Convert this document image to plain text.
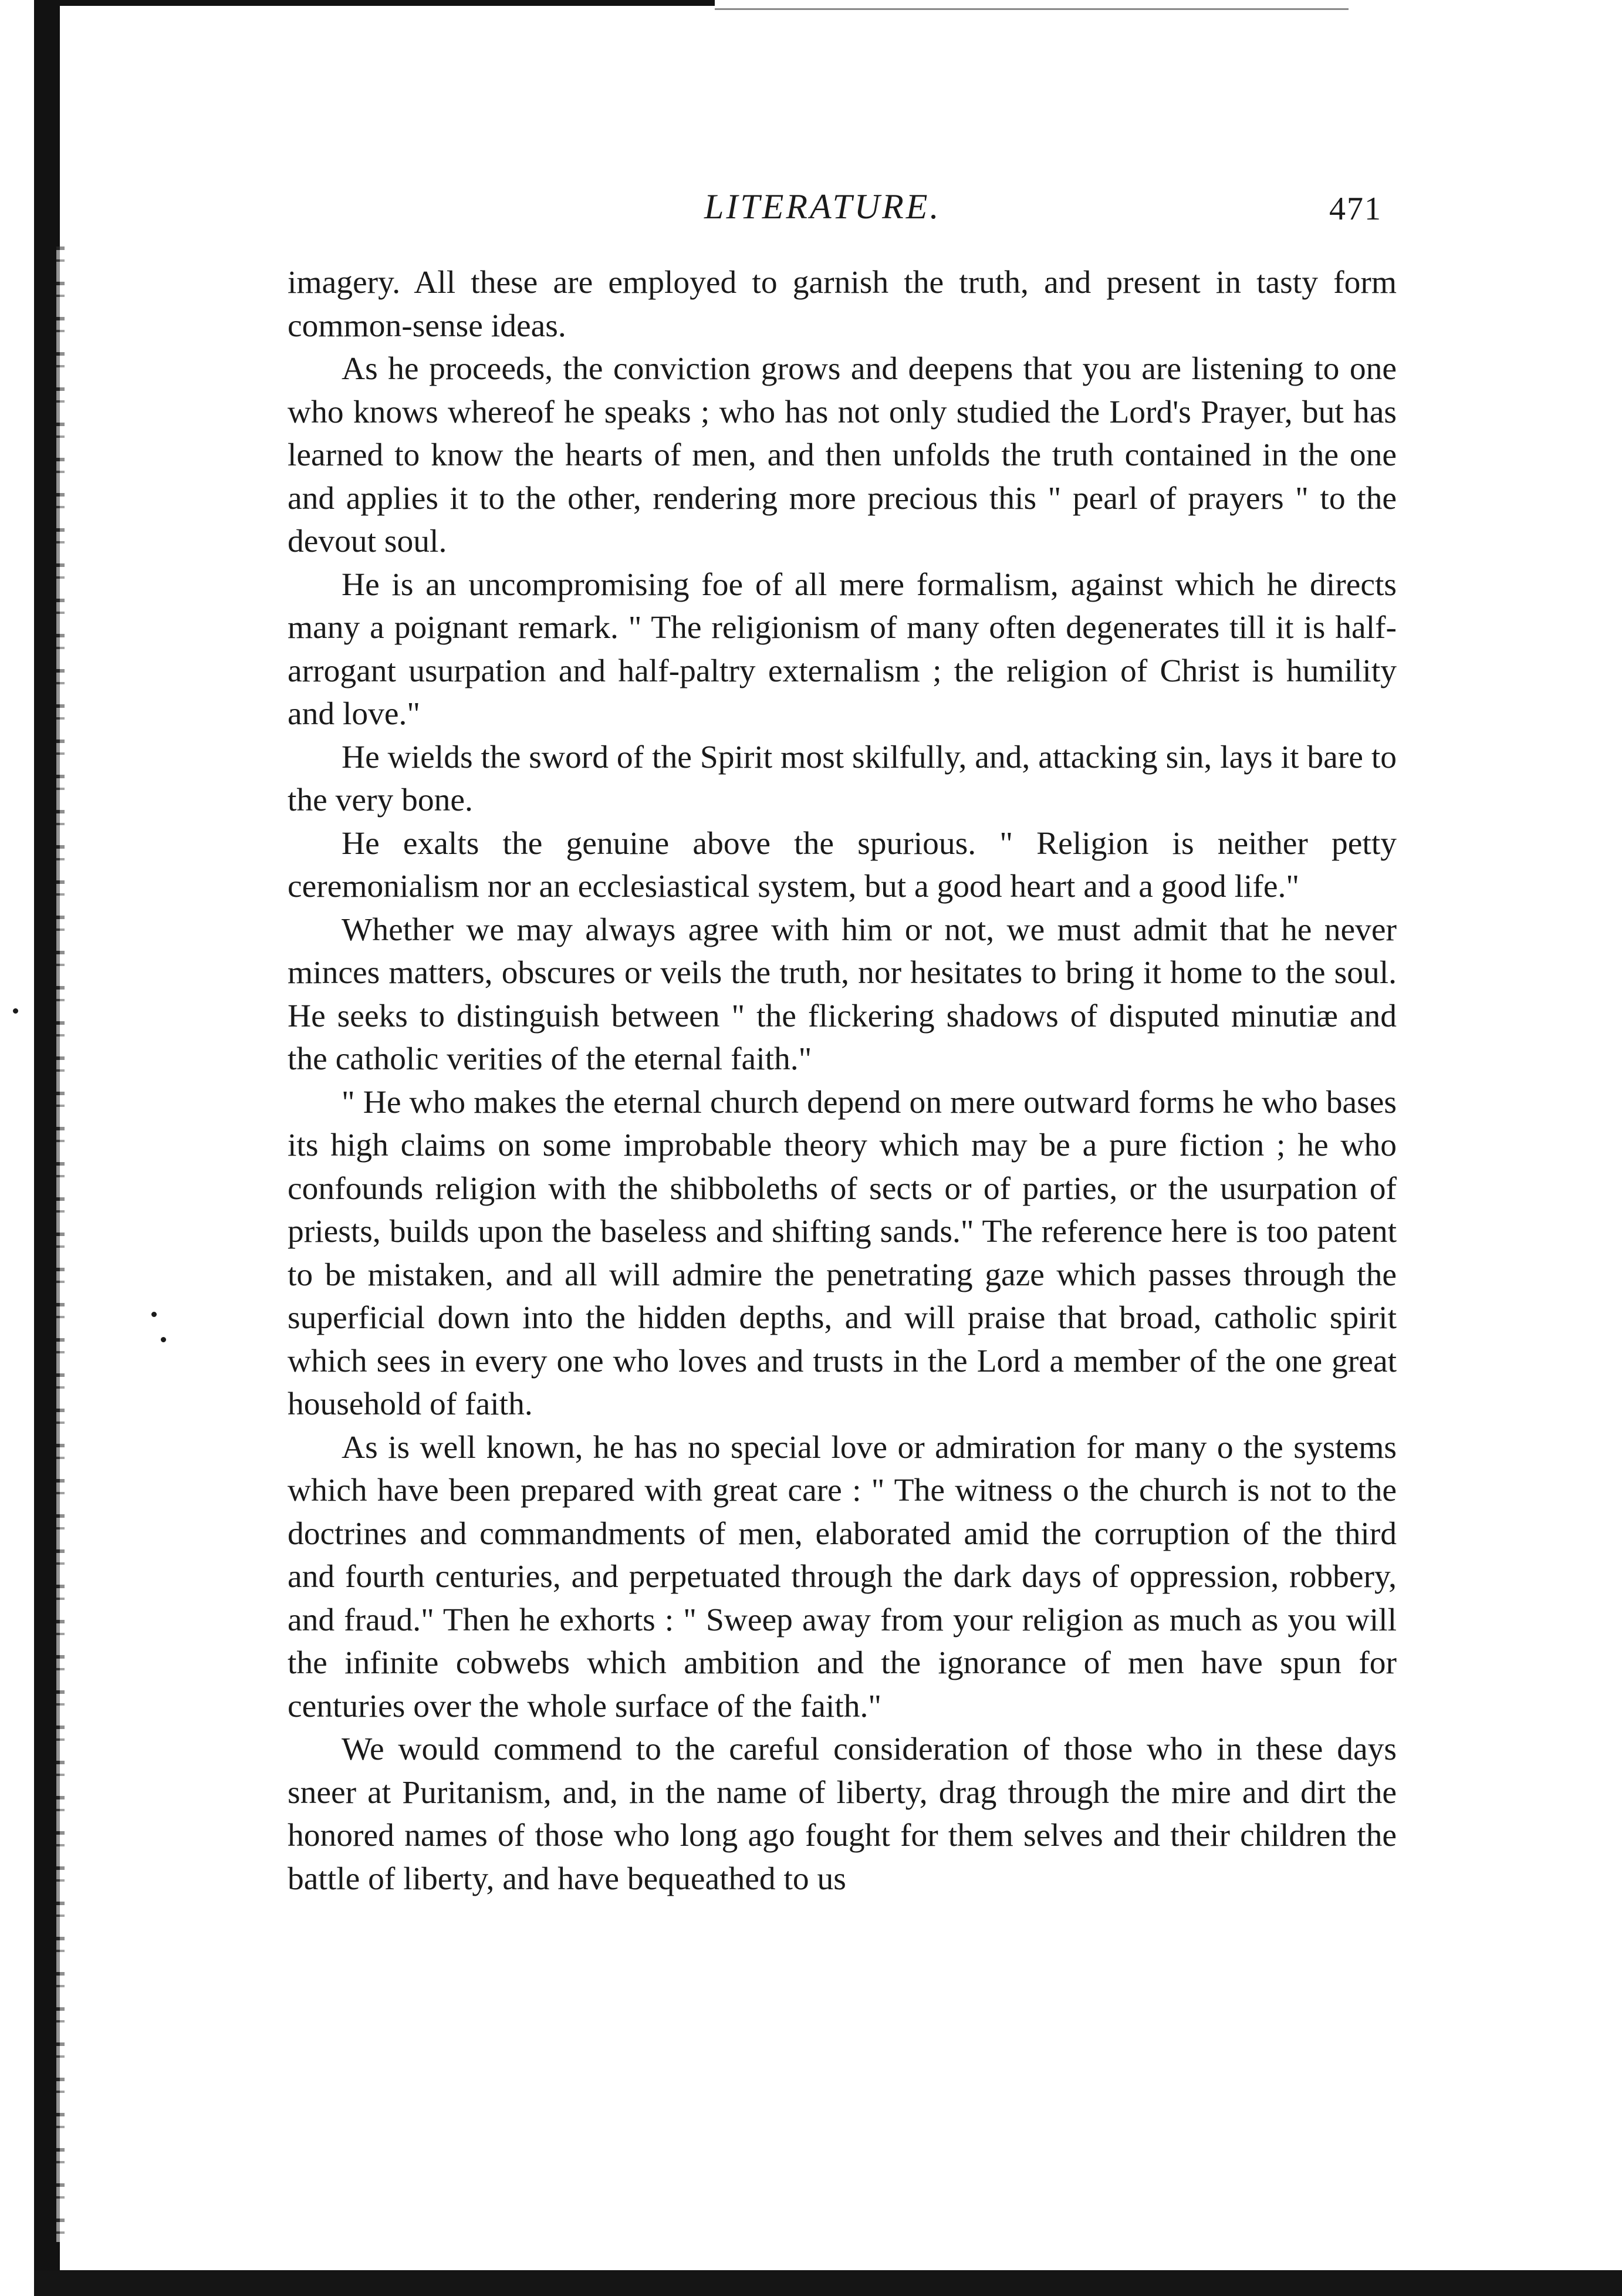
LITERATURE.	471

imagery. All these are employed to garnish the truth, and present in tasty form common-sense ideas.

As he proceeds, the conviction grows and deepens that you are listening to one who knows whereof he speaks ; who has not only studied the Lord's Prayer, but has learned to know the hearts of men, and then unfolds the truth contained in the one and applies it to the other, rendering more precious this " pearl of prayers " to the devout soul.

He is an uncompromising foe of all mere formalism, against which he directs many a poignant remark. " The religionism of many often degenerates till it is half-arrogant usurpation and half-paltry externalism ; the religion of Christ is humility and love."

He wields the sword of the Spirit most skilfully, and, attacking sin, lays it bare to the very bone.

He exalts the genuine above the spurious. " Religion is neither petty ceremonialism nor an ecclesiastical system, but a good heart and a good life."

Whether we may always agree with him or not, we must admit that he never minces matters, obscures or veils the truth, nor hesitates to bring it home to the soul. He seeks to distinguish between " the flickering shadows of disputed minutiæ and the catholic verities of the eternal faith."

" He who makes the eternal church depend on mere outward forms he who bases its high claims on some improbable theory which may be a pure fiction ; he who confounds religion with the shibboleths of sects or of parties, or the usurpation of priests, builds upon the baseless and shifting sands." The reference here is too patent to be mistaken, and all will admire the penetrating gaze which passes through the superficial down into the hidden depths, and will praise that broad, catholic spirit which sees in every one who loves and trusts in the Lord a member of the one great household of faith.

As is well known, he has no special love or admiration for many o the systems which have been prepared with great care : " The witness o the church is not to the doctrines and commandments of men, elaborated amid the corruption of the third and fourth centuries, and perpetuated through the dark days of oppression, robbery, and fraud." Then he exhorts : " Sweep away from your religion as much as you will the infinite cobwebs which ambition and the ignorance of men have spun for centuries over the whole surface of the faith."

We would commend to the careful consideration of those who in these days sneer at Puritanism, and, in the name of liberty, drag through the mire and dirt the honored names of those who long ago fought for them selves and their children the battle of liberty, and have bequeathed to us
